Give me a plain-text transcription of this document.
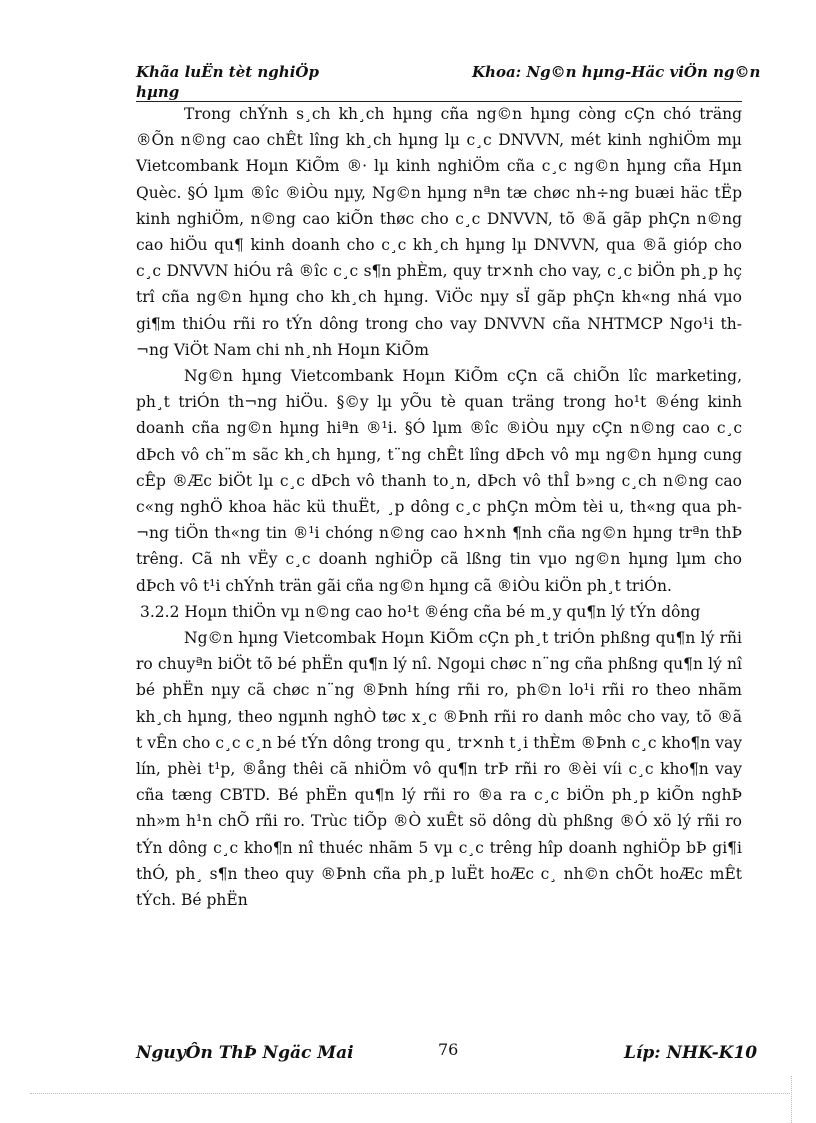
Khãa luËn tèt nghiÖp
hµng
Khoa: Ng©n hµng-Häc viÖn ng©n

Trong chÝnh s¸ch kh¸ch hµng cña ng©n hµng còng cÇn chó träng ®Õn n©ng cao chÊt lîng kh¸ch hµng lµ c¸c DNVVN, mét kinh nghiÖm mµ Vietcombank Hoµn KiÕm ®· lµ kinh nghiÖm cña c¸c ng©n hµng cña Hµn Quèc. §Ó lµm ®îc ®iÒu nµy, Ng©n hµng nªn tæ chøc nh÷ng buæi häc tËp kinh nghiÖm, n©ng cao kiÕn thøc cho c¸c DNVVN, tõ ®ã gãp phÇn n©ng cao hiÖu qu¶ kinh doanh cho c¸c kh¸ch hµng lµ DNVVN, qua ®ã gióp cho c¸c DNVVN hiÓu râ ®îc c¸c s¶n phÈm, quy tr×nh cho vay, c¸c biÖn ph¸p hç trî cña ng©n hµng cho kh¸ch hµng. ViÖc nµy sÏ gãp phÇn kh«ng nhá vµo gi¶m thiÓu rñi ro tÝn dông trong cho vay DNVVN cña NHTMCP Ngo¹i th¬ng ViÖt Nam chi nh¸nh Hoµn KiÕm

Ng©n hµng Vietcombank Hoµn KiÕm cÇn cã chiÕn lîc marketing, ph¸t triÓn th¬ng hiÖu. §©y lµ yÕu tè quan träng trong ho¹t ®éng kinh doanh cña ng©n hµng hiªn ®¹i. §Ó lµm ®îc ®iÒu nµy cÇn n©ng cao c¸c dÞch vô ch¨m sãc kh¸ch hµng, t¨ng chÊt lîng dÞch vô mµ ng©n hµng cung cÊp ®Æc biÖt lµ c¸c dÞch vô thanh to¸n, dÞch vô thÎ b»ng c¸ch n©ng cao c«ng nghÖ khoa häc kü thuËt, ¸p dông c¸c phÇn mÒm tèi u, th«ng qua ph¬ng tiÖn th«ng tin ®¹i chóng n©ng cao h×nh ¶nh cña ng©n hµng trªn thÞ trêng. Cã nh vËy c¸c doanh nghiÖp cã lßng tin vµo ng©n hµng lµm cho dÞch vô t¹i chÝnh trän gãi cña ng©n hµng cã ®iÒu kiÖn ph¸t triÓn.

3.2.2 Hoµn thiÖn vµ n©ng cao ho¹t ®éng cña bé m¸y qu¶n lý tÝn dông

Ng©n hµng Vietcombak Hoµn KiÕm cÇn ph¸t triÓn phßng qu¶n lý rñi ro chuyªn biÖt tõ bé phËn qu¶n lý nî. Ngoµi chøc n¨ng cña phßng qu¶n lý nî bé phËn nµy cã chøc n¨ng ®Þnh híng rñi ro, ph©n lo¹i rñi ro theo nhãm kh¸ch hµng, theo ngµnh nghÒ tøc x¸c ®Þnh rñi ro danh môc cho vay, tõ ®ã t vÊn cho c¸c c¸n bé tÝn dông trong qu¸ tr×nh t¸i thÈm ®Þnh c¸c kho¶n vay lín, phèi t¹p, ®ång thêi cã nhiÖm vô qu¶n trÞ rñi ro ®èi víi c¸c kho¶n vay cña tæng CBTD. Bé phËn qu¶n lý rñi ro ®a ra c¸c biÖn ph¸p kiÕn nghÞ nh»m h¹n chÕ rñi ro. Trùc tiÕp ®Ò xuÊt sö dông dù phßng ®Ó xö lý rñi ro tÝn dông c¸c kho¶n nî thuéc nhãm 5 vµ c¸c trêng hîp doanh nghiÖp bÞ gi¶i thÓ, ph¸ s¶n theo quy ®Þnh cña ph¸p luËt hoÆc c¸ nh©n chÕt hoÆc mÊt tÝch. Bé phËn

NguyÔn ThÞ Ngäc Mai	76	Líp: NHK-K10
